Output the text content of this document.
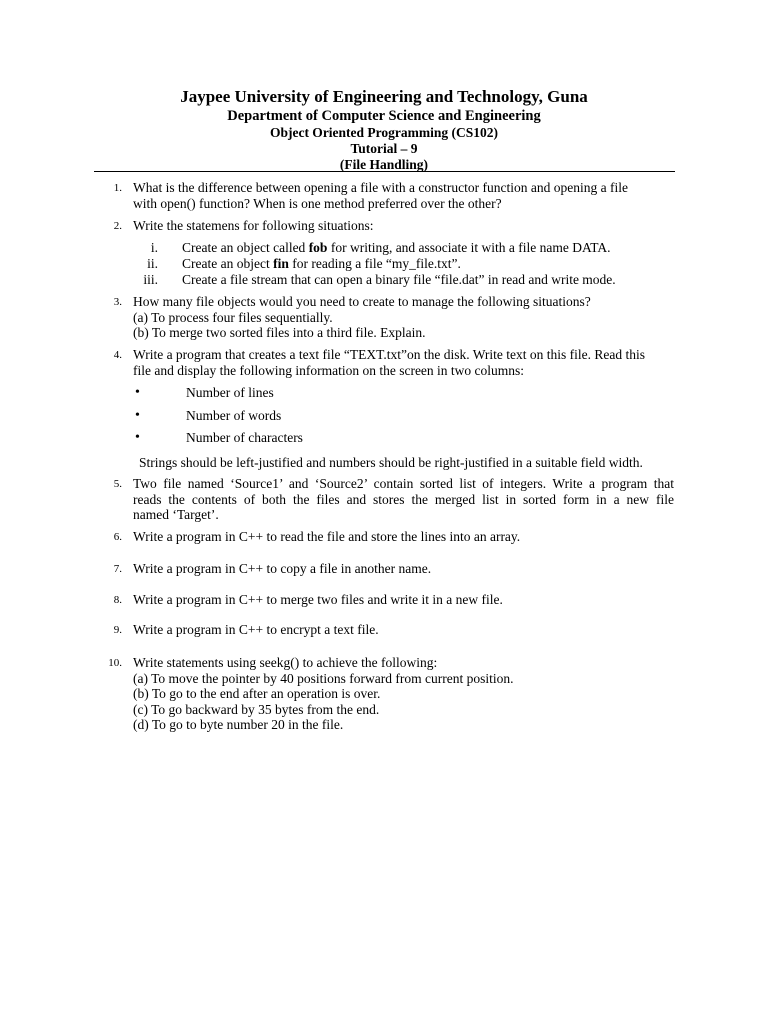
Jaypee University of Engineering and Technology, Guna
Department of Computer Science and Engineering
Object Oriented Programming (CS102)
Tutorial – 9
(File Handling)
1. What is the difference between opening a file with a constructor function and opening a file
with open() function? When is one method preferred over the other?
2. Write the statemens for following situations:
i. Create an object called fob for writing, and associate it with a file name DATA.
ii. Create an object fin for reading a file “my_file.txt”.
iii. Create a file stream that can open a binary file “file.dat” in read and write mode.
3. How many file objects would you need to create to manage the following situations?
(a) To process four files sequentially.
(b) To merge two sorted files into a third file. Explain.
4. Write a program that creates a text file “TEXT.txt”on the disk. Write text on this file. Read this
file and display the following information on the screen in two columns:
•	Number of lines
•	Number of words
•	Number of characters
Strings should be left-justified and numbers should be right-justified in a suitable field width.
5. Two file named ‘Source1’ and ‘Source2’ contain sorted list of integers. Write a program that
reads the contents of both the files and stores the merged list in sorted form in a new file
named ‘Target’.
6. Write a program in C++ to read the file and store the lines into an array.
7. Write a program in C++ to copy a file in another name.
8. Write a program in C++ to merge two files and write it in a new file.
9. Write a program in C++ to encrypt a text file.
10. Write statements using seekg() to achieve the following:
(a) To move the pointer by 40 positions forward from current position.
(b) To go to the end after an operation is over.
(c) To go backward by 35 bytes from the end.
(d) To go to byte number 20 in the file.
